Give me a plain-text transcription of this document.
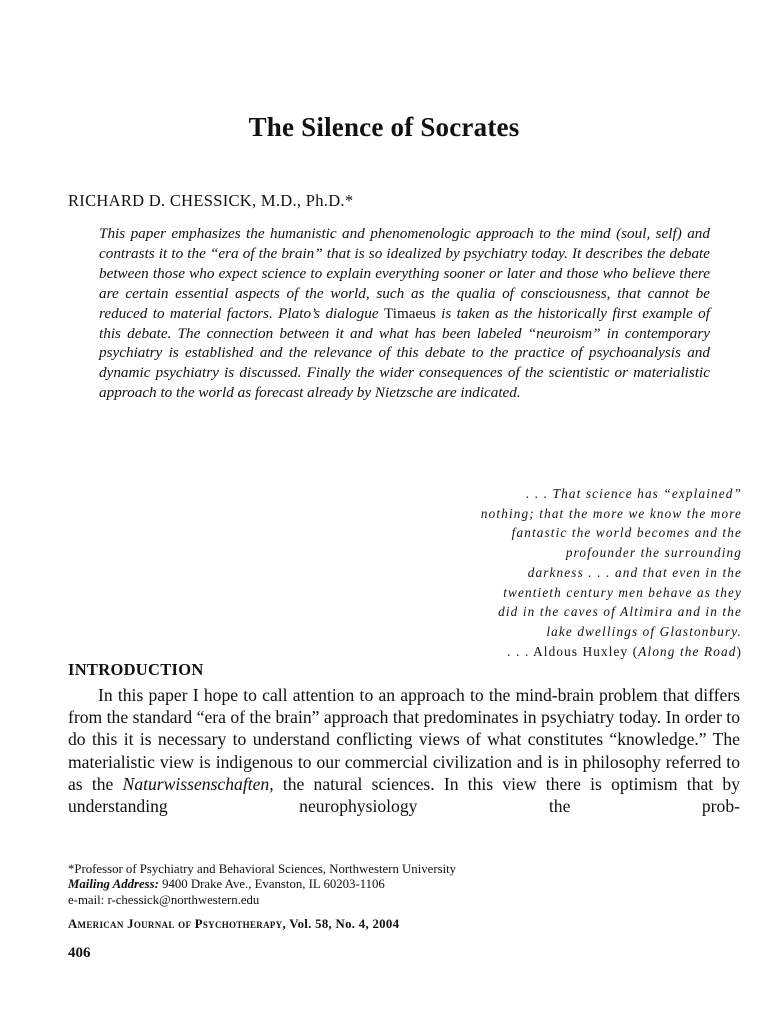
The Silence of Socrates
RICHARD D. CHESSICK, M.D., Ph.D.*
This paper emphasizes the humanistic and phenomenologic approach to the mind (soul, self) and contrasts it to the “era of the brain” that is so idealized by psychiatry today. It describes the debate between those who expect science to explain everything sooner or later and those who believe there are certain essential aspects of the world, such as the qualia of consciousness, that cannot be reduced to material factors. Plato’s dialogue Timaeus is taken as the historically first example of this debate. The connection between it and what has been labeled “neuroism” in contemporary psychiatry is established and the relevance of this debate to the practice of psychoanalysis and dynamic psychiatry is discussed. Finally the wider consequences of the scientistic or materialistic approach to the world as forecast already by Nietzsche are indicated.
. . . That science has “explained”
nothing; that the more we know the more
fantastic the world becomes and the
profounder the surrounding
darkness . . . and that even in the
twentieth century men behave as they
did in the caves of Altimira and in the
lake dwellings of Glastonbury.
. . . Aldous Huxley (Along the Road)
INTRODUCTION

In this paper I hope to call attention to an approach to the mind-brain problem that differs from the standard “era of the brain” approach that predominates in psychiatry today. In order to do this it is necessary to understand conflicting views of what constitutes “knowledge.” The materialistic view is indigenous to our commercial civilization and is in philosophy referred to as the Naturwissenschaften, the natural sciences. In this view there is optimism that by understanding neurophysiology the prob-

*Professor of Psychiatry and Behavioral Sciences, Northwestern University
Mailing Address: 9400 Drake Ave., Evanston, IL 60203-1106
e-mail: r-chessick@northwestern.edu
American Journal of Psychotherapy, Vol. 58, No. 4, 2004
406
